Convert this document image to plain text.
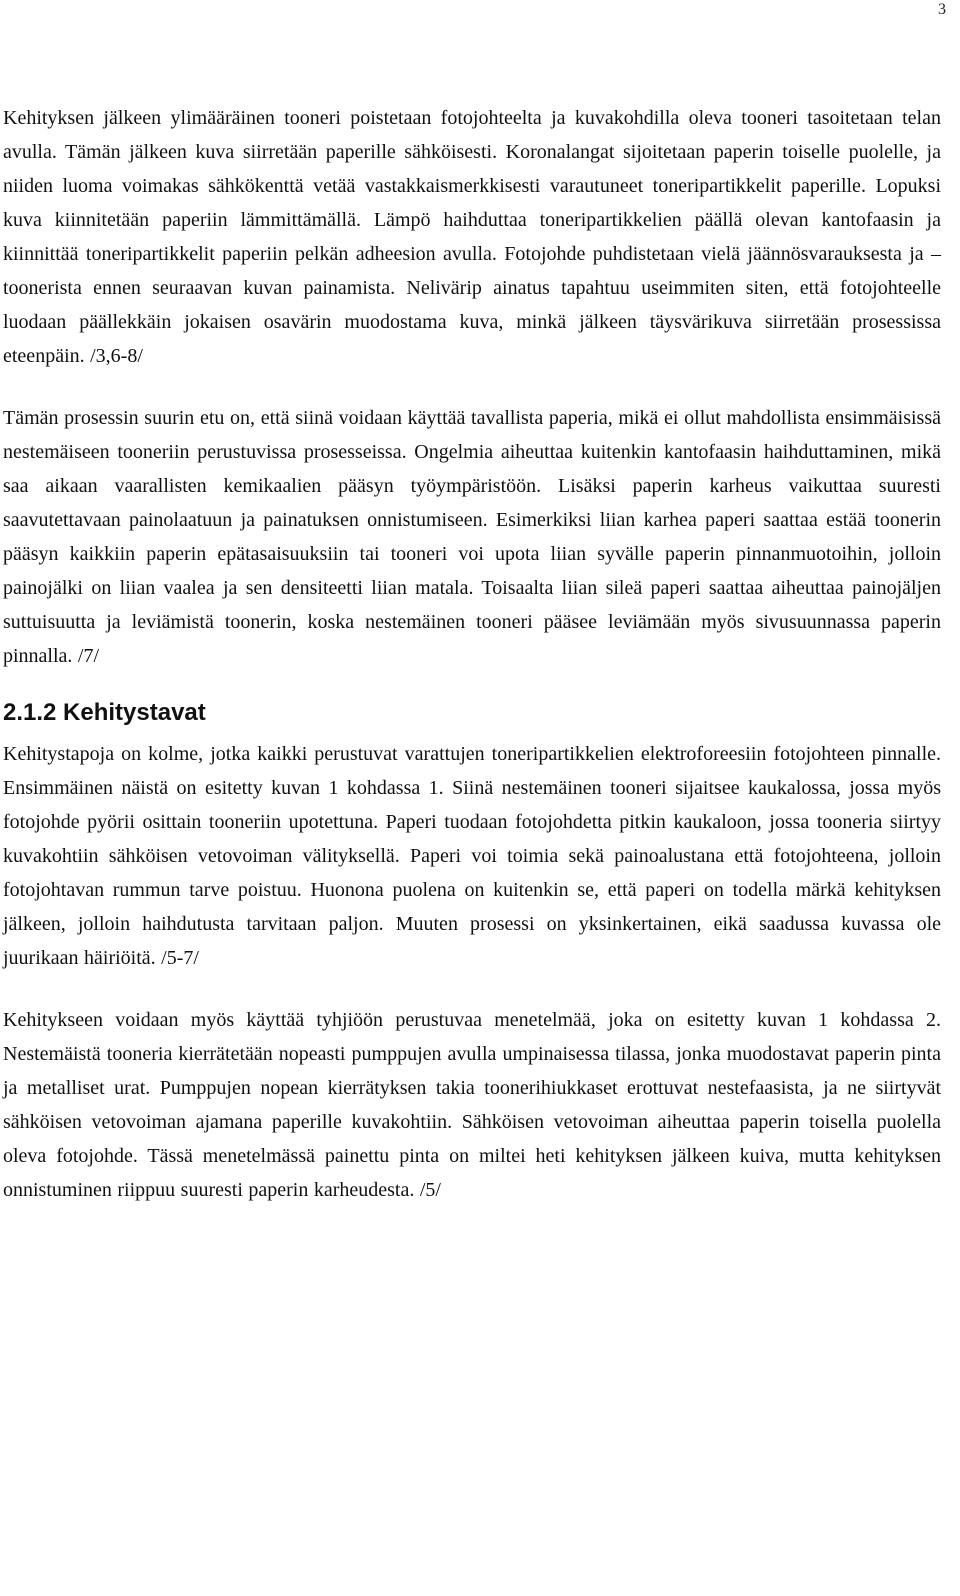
3

Kehityksen jälkeen ylimääräinen tooneri poistetaan fotojohteelta ja kuvakohdilla oleva tooneri tasoitetaan telan avulla. Tämän jälkeen kuva siirretään paperille sähköisesti. Koronalangat sijoitetaan paperin toiselle puolelle, ja niiden luoma voimakas sähkökenttä vetää vastakkaismerkkisesti varautuneet toneripartikkelit paperille. Lopuksi kuva kiinnitetään paperiin lämmittämällä. Lämpö haihduttaa toneripartikkelien päällä olevan kantofaasin ja kiinnittää toneripartikkelit paperiin pelkän adheesion avulla. Fotojohde puhdistetaan vielä jäännösvarauksesta ja –toonerista ennen seuraavan kuvan painamista. Nelivärip ainatus tapahtuu useimmiten siten, että fotojohteelle luodaan päällekkäin jokaisen osavärin muodostama kuva, minkä jälkeen täysvärikuva siirretään prosessissa eteenpäin. /3,6-8/

Tämän prosessin suurin etu on, että siinä voidaan käyttää tavallista paperia, mikä ei ollut mahdollista ensimmäisissä nestemäiseen tooneriin perustuvissa prosesseissa. Ongelmia aiheuttaa kuitenkin kantofaasin haihduttaminen, mikä saa aikaan vaarallisten kemikaalien pääsyn työympäristöön. Lisäksi paperin karheus vaikuttaa suuresti saavutettavaan painolaatuun ja painatuksen onnistumiseen. Esimerkiksi liian karhea paperi saattaa estää toonerin pääsyn kaikkiin paperin epätasaisuuksiin tai tooneri voi upota liian syvälle paperin pinnanmuotoihin, jolloin painojälki on liian vaalea ja sen densiteetti liian matala. Toisaalta liian sileä paperi saattaa aiheuttaa painojäljen suttuisuutta ja leviämistä toonerin, koska nestemäinen tooneri pääsee leviämään myös sivusuunnassa paperin pinnalla. /7/

2.1.2 Kehitystavat

Kehitystapoja on kolme, jotka kaikki perustuvat varattujen toneripartikkelien elektroforeesiin fotojohteen pinnalle. Ensimmäinen näistä on esitetty kuvan 1 kohdassa 1. Siinä nestemäinen tooneri sijaitsee kaukalossa, jossa myös fotojohde pyörii osittain tooneriin upotettuna. Paperi tuodaan fotojohdetta pitkin kaukaloon, jossa tooneria siirtyy kuvakohtiin sähköisen vetovoiman välityksellä. Paperi voi toimia sekä painoalustana että fotojohteena, jolloin fotojohtavan rummun tarve poistuu. Huonona puolena on kuitenkin se, että paperi on todella märkä kehityksen jälkeen, jolloin haihdutusta tarvitaan paljon. Muuten prosessi on yksinkertainen, eikä saadussa kuvassa ole juurikaan häiriöitä. /5-7/

Kehitykseen voidaan myös käyttää tyhjiöön perustuvaa menetelmää, joka on esitetty kuvan 1 kohdassa 2. Nestemäistä tooneria kierrätetään nopeasti pumppujen avulla umpinaisessa tilassa, jonka muodostavat paperin pinta ja metalliset urat. Pumppujen nopean kierrätyksen takia toonerihiukkaset erottuvat nestefaasista, ja ne siirtyvät sähköisen vetovoiman ajamana paperille kuvakohtiin. Sähköisen vetovoiman aiheuttaa paperin toisella puolella oleva fotojohde. Tässä menetelmässä painettu pinta on miltei heti kehityksen jälkeen kuiva, mutta kehityksen onnistuminen riippuu suuresti paperin karheudesta. /5/
